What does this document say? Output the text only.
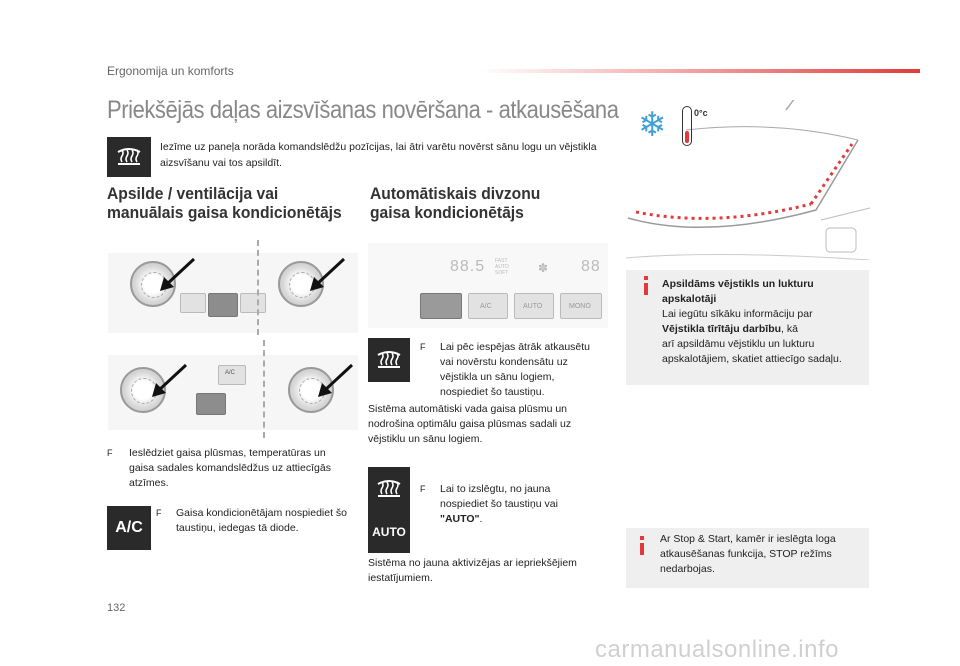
Ergonomija un komforts
Priekšējās daļas aizsvīšanas novēršana - atkausēšana
Iezīme uz paneļa norāda komandslēdžu pozīcijas, lai ātri varētu novērst sānu logu un vējstikla aizsvīšanu vai tos apsildīt.
Apsilde / ventilācija vai
manuālais gaisa kondicionētājs
A/C
F Ieslēdziet gaisa plūsmas, temperatūras un gaisa sadales komandslēdžus uz attiecīgās atzīmes.
A/C
F Gaisa kondicionētājam nospiediet šo taustiņu, iedegas tā diode.
Automātiskais divzonu
gaisa kondicionētājs
88.5 FAST
AUTO
SOFT ✽ 88
A/C	AUTO	MONO
F Lai pēc iespējas ātrāk atkausētu
vai novērstu kondensātu uz
vējstikla un sānu logiem,
nospiediet šo taustiņu.
Sistēma automātiski vada gaisa plūsmu un nodrošina optimālu gaisa plūsmas sadali uz vējstiklu un sānu logiem.
AUTO
F Lai to izslēgtu, no jauna
nospiediet šo taustiņu vai
"AUTO".
Sistēma no jauna aktivizējas ar iepriekšējiem iestatījumiem.
❄	0°c
Apsildāms vējstikls un lukturu apskalotāji
Lai iegūtu sīkāku informāciju par
Vējstikla tīrītāju darbību, kā
arī apsildāmu vējstiklu un lukturu apskalotājiem, skatiet attiecīgo sadaļu.
Ar Stop & Start, kamēr ir ieslēgta loga atkausēšanas funkcija, STOP režīms nedarbojas.
132
carmanualsonline.info
